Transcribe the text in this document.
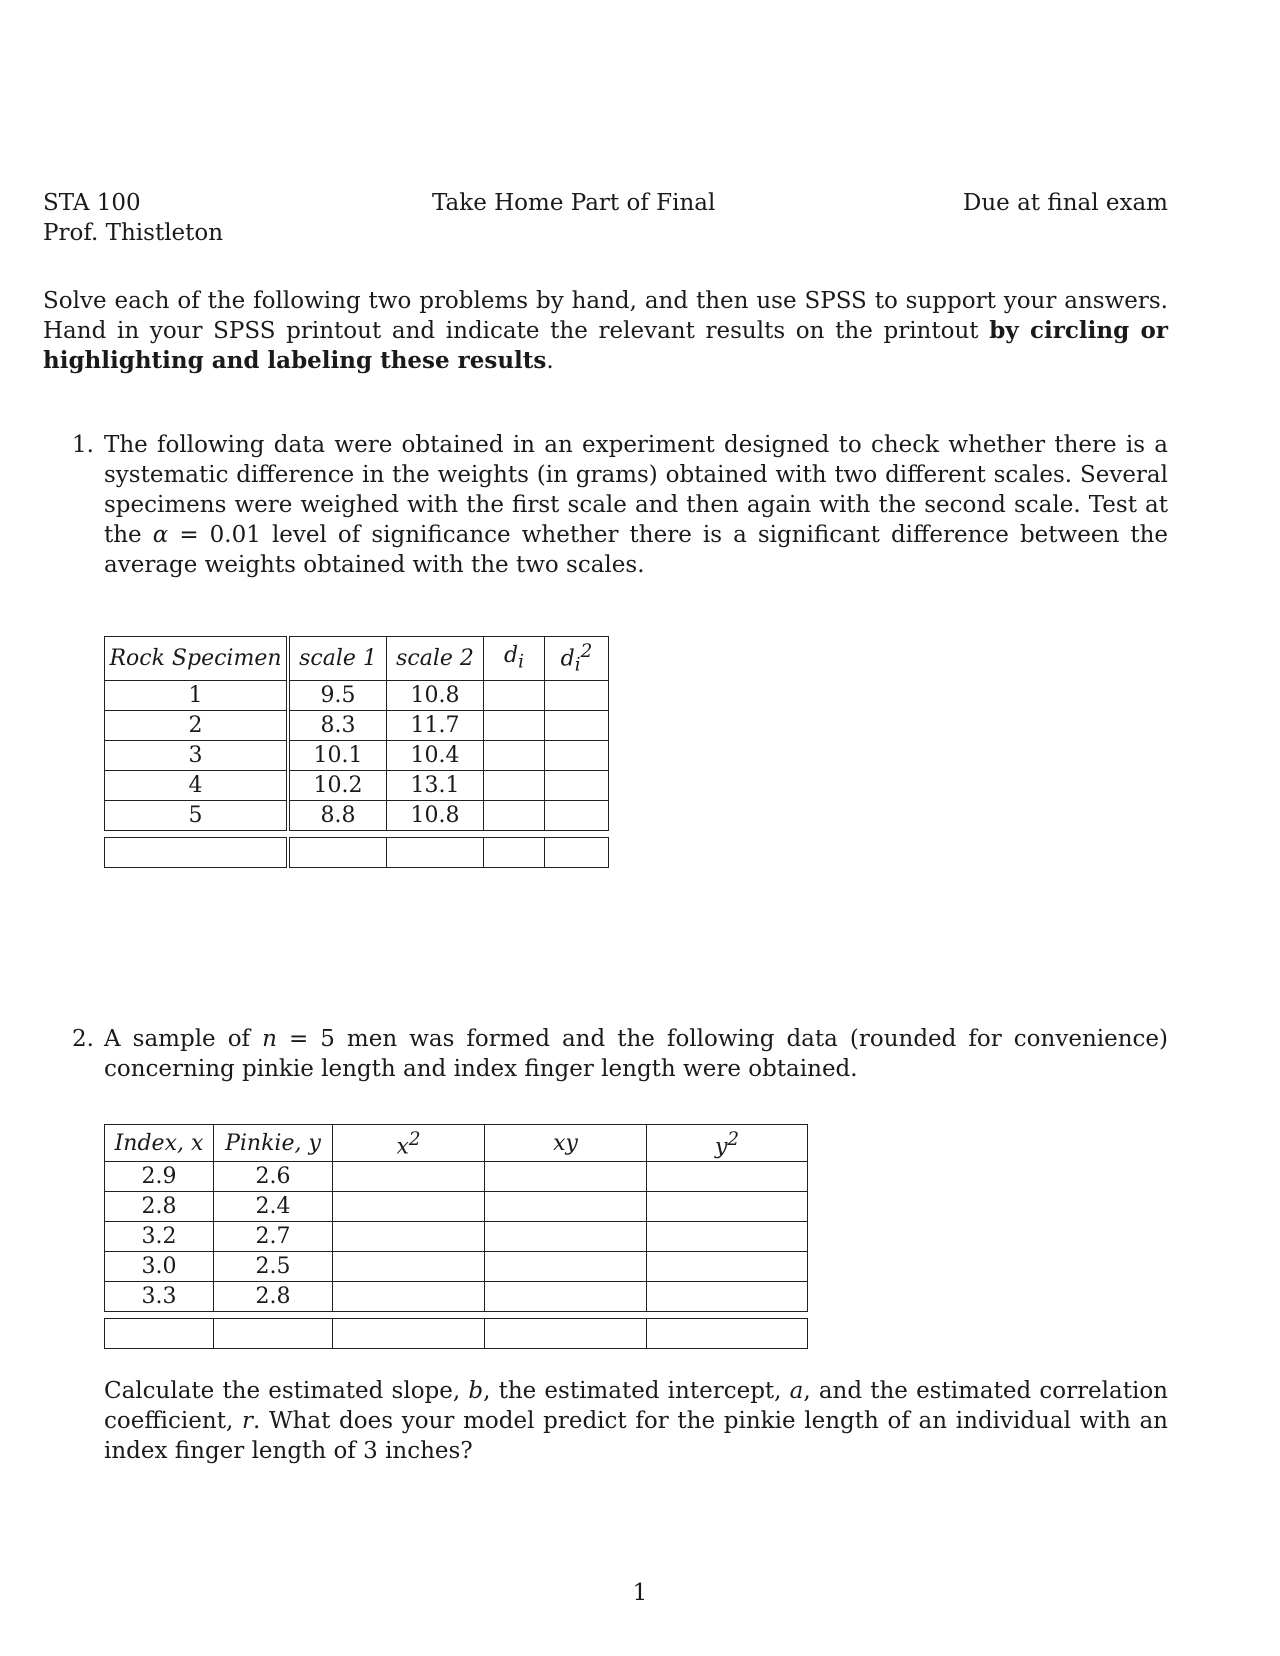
STA 100
Prof. Thistleton
Take Home Part of Final	Due at final exam
Solve each of the following two problems by hand, and then use SPSS to support your answers. Hand in your SPSS printout and indicate the relevant results on the printout by circling or highlighting and labeling these results.
1. The following data were obtained in an experiment designed to check whether there is a systematic difference in the weights (in grams) obtained with two different scales. Several specimens were weighed with the first scale and then again with the second scale. Test at the α = 0.01 level of significance whether there is a significant difference between the average weights obtained with the two scales.
Rock Specimen	scale 1	scale 2	$d_i$	$d_i^2$
1	9.5	10.8		
2	8.3	11.7		
3	10.1	10.4		
4	10.2	13.1		
5	8.8	10.8		

2. A sample of n = 5 men was formed and the following data (rounded for convenience) concerning pinkie length and index finger length were obtained.
Index, x	Pinkie, y	$x^2$	xy	$y^2$
2.9	2.6			
2.8	2.4			
3.2	2.7			
3.0	2.5			
3.3	2.8			

Calculate the estimated slope, b, the estimated intercept, a, and the estimated correlation coefficient, r. What does your model predict for the pinkie length of an individual with an index finger length of 3 inches?
1
